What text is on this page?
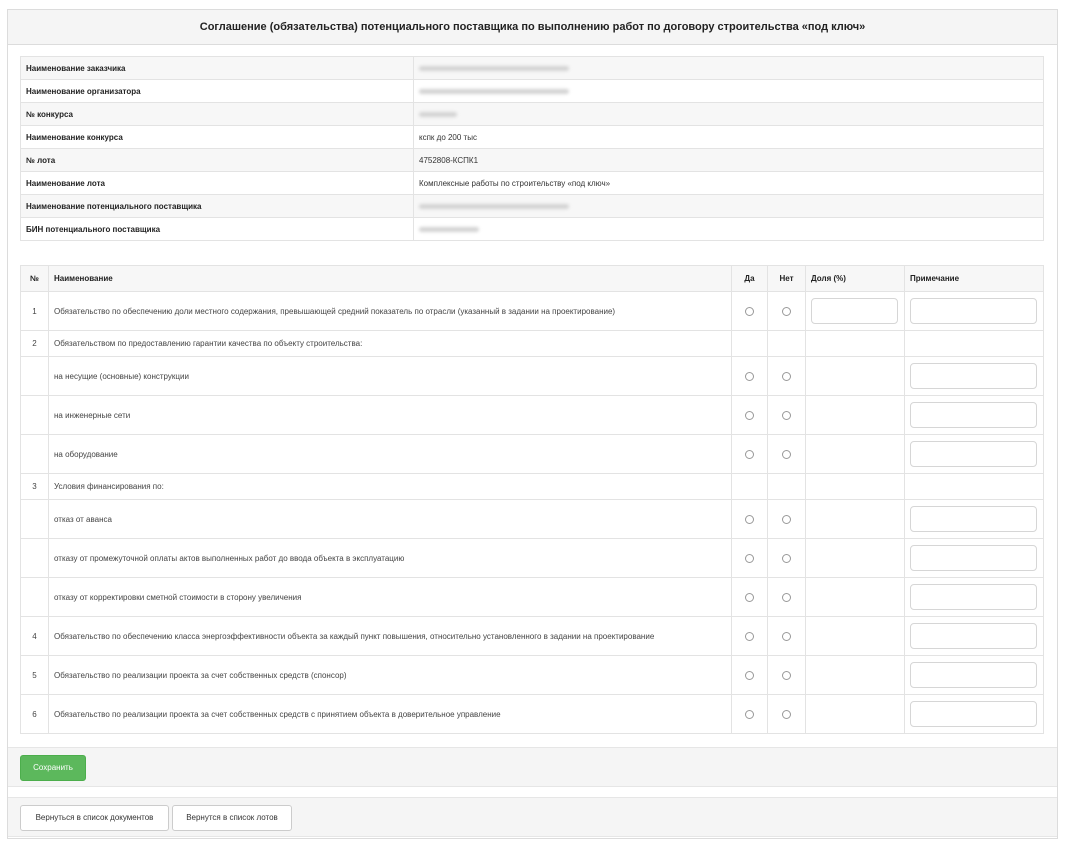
Соглашение (обязательства) потенциального поставщика по выполнению работ по договору строительства «под ключ»
Наименование заказчика	
Наименование организатора	
№ конкурса	
Наименование конкурса	кспк до 200 тыс
№ лота	4752808-КСПК1
Наименование лота	Комплексные работы по строительству «под ключ»
Наименование потенциального поставщика	
БИН потенциального поставщика	
№	Наименование	Да	Нет	Доля (%)	Примечание
1	Обязательство по обеспечению доли местного содержания, превышающей средний показатель по отрасли (указанный в задании на проектирование)			

2	Обязательством по предоставлению гарантии качества по объекту строительства:				
	на несущие (основные) конструкции				

	на инженерные сети				

	на оборудование				

3	Условия финансирования по:				
	отказ от аванса				

	отказу от промежуточной оплаты актов выполненных работ до ввода объекта в эксплуатацию				

	отказу от корректировки сметной стоимости в сторону увеличения				

4	Обязательство по обеспечению класса энергоэффективности объекта за каждый пункт повышения, относительно установленного в задании на проектирование				

5	Обязательство по реализации проекта за счет собственных средств (спонсор)				

6	Обязательство по реализации проекта за счет собственных средств с принятием объекта в доверительное управление				
Сохранить
Вернуться в список документов	Вернутся в список лотов
